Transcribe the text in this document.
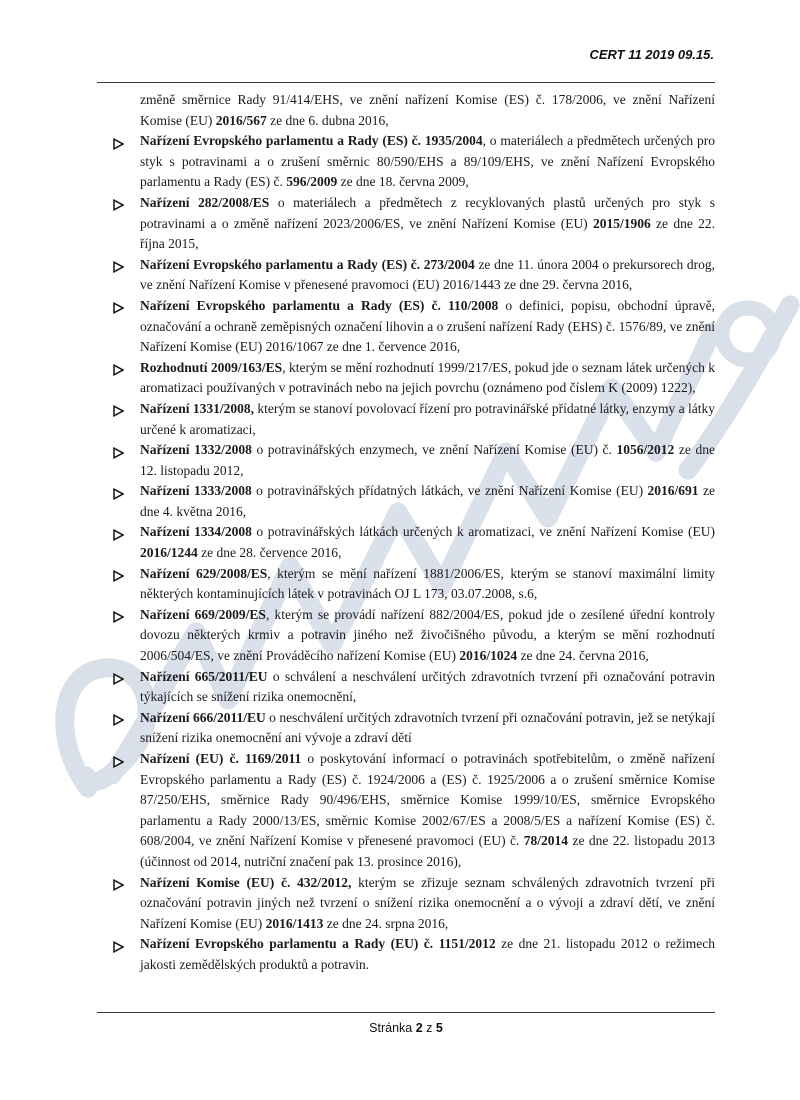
CERT 11 2019 09.15.

změně směrnice Rady 91/414/EHS, ve znění nařízení Komise (ES) č. 178/2006, ve znění Nařízení Komise (EU) 2016/567 ze dne 6. dubna 2016,

Nařízení Evropského parlamentu a Rady (ES) č. 1935/2004, o materiálech a předmětech určených pro styk s potravinami a o zrušení směrnic 80/590/EHS a 89/109/EHS, ve znění Nařízení Evropského parlamentu a Rady (ES) č. 596/2009 ze dne 18. června 2009,
Nařízení 282/2008/ES o materiálech a předmětech z recyklovaných plastů určených pro styk s potravinami a o změně nařízení 2023/2006/ES, ve znění Nařízení Komise (EU) 2015/1906 ze dne 22. října 2015,
Nařízení Evropského parlamentu a Rady (ES) č. 273/2004 ze dne 11. února 2004 o prekursorech drog, ve znění Nařízení Komise v přenesené pravomoci (EU) 2016/1443 ze dne 29. června 2016,
Nařízení Evropského parlamentu a Rady (ES) č. 110/2008 o definici, popisu, obchodní úpravě, označování a ochraně zeměpisných označení lihovin a o zrušení nařízení Rady (EHS) č. 1576/89, ve znění Nařízení Komise (EU) 2016/1067 ze dne 1. července 2016,
Rozhodnutí 2009/163/ES, kterým se mění rozhodnutí 1999/217/ES, pokud jde o seznam látek určených k aromatizaci používaných v potravinách nebo na jejich povrchu (oznámeno pod číslem K (2009) 1222),
Nařízení 1331/2008, kterým se stanoví povolovací řízení pro potravinářské přídatné látky, enzymy a látky určené k aromatizaci,
Nařízení 1332/2008 o potravinářských enzymech, ve znění Nařízení Komise (EU) č. 1056/2012 ze dne 12. listopadu 2012,
Nařízení 1333/2008 o potravinářských přídatných látkách, ve znění Nařízení Komise (EU) 2016/691 ze dne 4. května 2016,
Nařízení 1334/2008 o potravinářských látkách určených k aromatizaci, ve znění Nařízení Komise (EU) 2016/1244 ze dne 28. července 2016,
Nařízení 629/2008/ES, kterým se mění nařízení 1881/2006/ES, kterým se stanoví maximální limity některých kontaminujících látek v potravinách OJ L 173, 03.07.2008, s.6,
Nařízení 669/2009/ES, kterým se provádí nařízení 882/2004/ES, pokud jde o zesílené úřední kontroly dovozu některých krmiv a potravin jiného než živočišného původu, a kterým se mění rozhodnutí 2006/504/ES, ve znění Prováděcího nařízení Komise (EU) 2016/1024 ze dne 24. června 2016,
Nařízení 665/2011/EU o schválení a neschválení určitých zdravotních tvrzení při označování potravin týkajících se snížení rizika onemocnění,
Nařízení 666/2011/EU o neschválení určitých zdravotních tvrzení při označování potravin, jež se netýkají snížení rizika onemocnění ani vývoje a zdraví dětí
Nařízení (EU) č. 1169/2011 o poskytování informací o potravinách spotřebitelům, o změně nařízení Evropského parlamentu a Rady (ES) č. 1924/2006 a (ES) č. 1925/2006 a o zrušení směrnice Komise 87/250/EHS, směrnice Rady 90/496/EHS, směrnice Komise 1999/10/ES, směrnice Evropského parlamentu a Rady 2000/13/ES, směrnic Komise 2002/67/ES a 2008/5/ES a nařízení Komise (ES) č. 608/2004, ve znění Nařízení Komise v přenesené pravomoci (EU) č. 78/2014 ze dne 22. listopadu 2013 (účinnost od 2014, nutriční značení pak 13. prosince 2016),
Nařízení Komise (EU) č. 432/2012, kterým se zřizuje seznam schválených zdravotních tvrzení při označování potravin jiných než tvrzení o snížení rizika onemocnění a o vývoji a zdraví dětí, ve znění Nařízení Komise (EU) 2016/1413 ze dne 24. srpna 2016,
Nařízení Evropského parlamentu a Rady (EU) č. 1151/2012 ze dne 21. listopadu 2012 o režimech jakosti zemědělských produktů a potravin.
Stránka 2 z 5
